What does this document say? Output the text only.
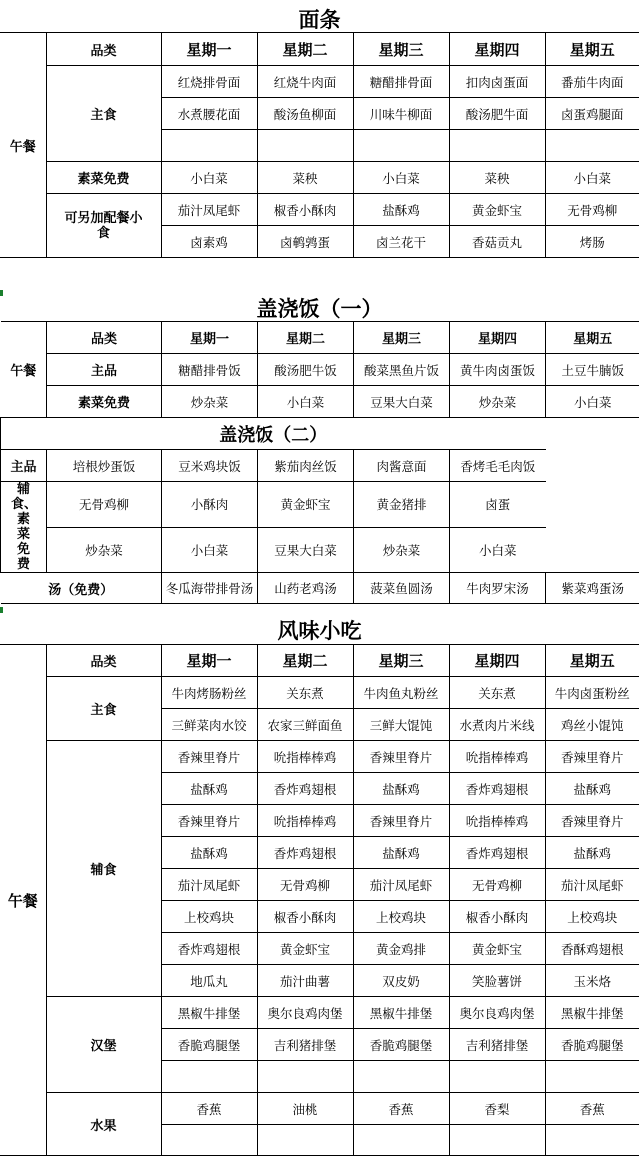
面条
午餐	品类	星期一	星期二	星期三	星期四	星期五
	主食	红烧排骨面	红烧牛肉面	糖醋排骨面	扣肉卤蛋面	番茄牛肉面
		水煮腰花面	酸汤鱼柳面	川味牛柳面	酸汤肥牛面	卤蛋鸡腿面

	素菜免费	小白菜	菜秧	小白菜	菜秧	小白菜
	可另加配餐小食	茄汁凤尾虾	椒香小酥肉	盐酥鸡	黄金虾宝	无骨鸡柳
		卤素鸡	卤鹌鹑蛋	卤兰花干	香菇贡丸	烤肠
盖浇饭（一）
午餐	品类	星期一	星期二	星期三	星期四	星期五
	主品	糖醋排骨饭	酸汤肥牛饭	酸菜黑鱼片饭	黄牛肉卤蛋饭	土豆牛腩饭
	素菜免费	炒杂菜	小白菜	豆果大白菜	炒杂菜	小白菜
盖浇饭（二）						
主品	培根炒蛋饭	豆米鸡块饭	紫茄肉丝饭	肉酱意面	香烤毛毛肉饭	
辅食、素菜免费	无骨鸡柳	小酥肉	黄金虾宝	黄金猪排	卤蛋	
	炒杂菜	小白菜	豆果大白菜	炒杂菜	小白菜	
汤（免费）		冬瓜海带排骨汤	山药老鸡汤	菠菜鱼圆汤	牛肉罗宋汤	紫菜鸡蛋汤
风味小吃
午餐	品类	星期一	星期二	星期三	星期四	星期五
	主食	牛肉烤肠粉丝	关东煮	牛肉鱼丸粉丝	关东煮	牛肉卤蛋粉丝
		三鲜菜肉水饺	农家三鲜面鱼	三鲜大馄饨	水煮肉片米线	鸡丝小馄饨
	辅食	香辣里脊片	吮指棒棒鸡	香辣里脊片	吮指棒棒鸡	香辣里脊片
		盐酥鸡	香炸鸡翅根	盐酥鸡	香炸鸡翅根	盐酥鸡
		香辣里脊片	吮指棒棒鸡	香辣里脊片	吮指棒棒鸡	香辣里脊片
		盐酥鸡	香炸鸡翅根	盐酥鸡	香炸鸡翅根	盐酥鸡
		茄汁凤尾虾	无骨鸡柳	茄汁凤尾虾	无骨鸡柳	茄汁凤尾虾
		上校鸡块	椒香小酥肉	上校鸡块	椒香小酥肉	上校鸡块
		香炸鸡翅根	黄金虾宝	黄金鸡排	黄金虾宝	香酥鸡翅根
		地瓜丸	茄汁曲薯	双皮奶	笑脸薯饼	玉米烙
	汉堡	黑椒牛排堡	奥尔良鸡肉堡	黑椒牛排堡	奥尔良鸡肉堡	黑椒牛排堡
		香脆鸡腿堡	吉利猪排堡	香脆鸡腿堡	吉利猪排堡	香脆鸡腿堡

	水果	香蕉	油桃	香蕉	香梨	香蕉
